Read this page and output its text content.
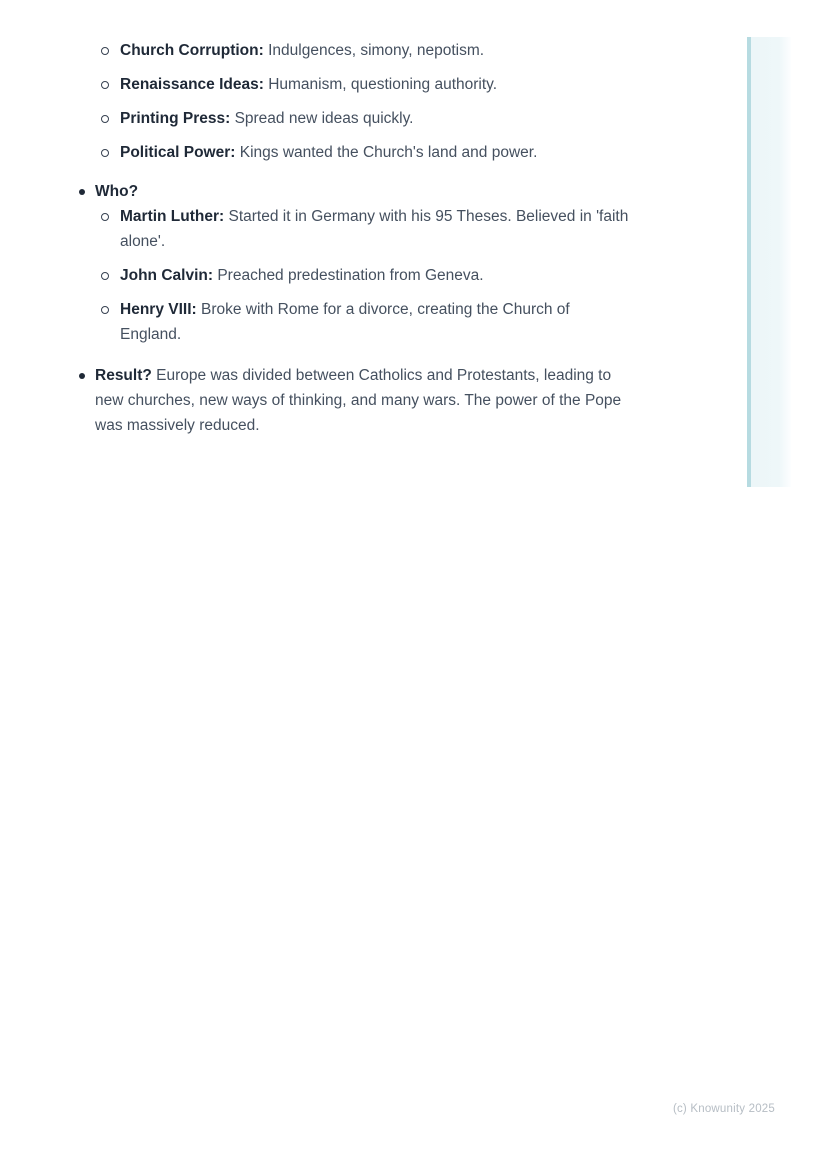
Church Corruption: Indulgences, simony, nepotism.
Renaissance Ideas: Humanism, questioning authority.
Printing Press: Spread new ideas quickly.
Political Power: Kings wanted the Church's land and power.
Who?
Martin Luther: Started it in Germany with his 95 Theses. Believed in 'faith alone'.
John Calvin: Preached predestination from Geneva.
Henry VIII: Broke with Rome for a divorce, creating the Church of England.
Result? Europe was divided between Catholics and Protestants, leading to new churches, new ways of thinking, and many wars. The power of the Pope was massively reduced.
(c) Knowunity 2025
